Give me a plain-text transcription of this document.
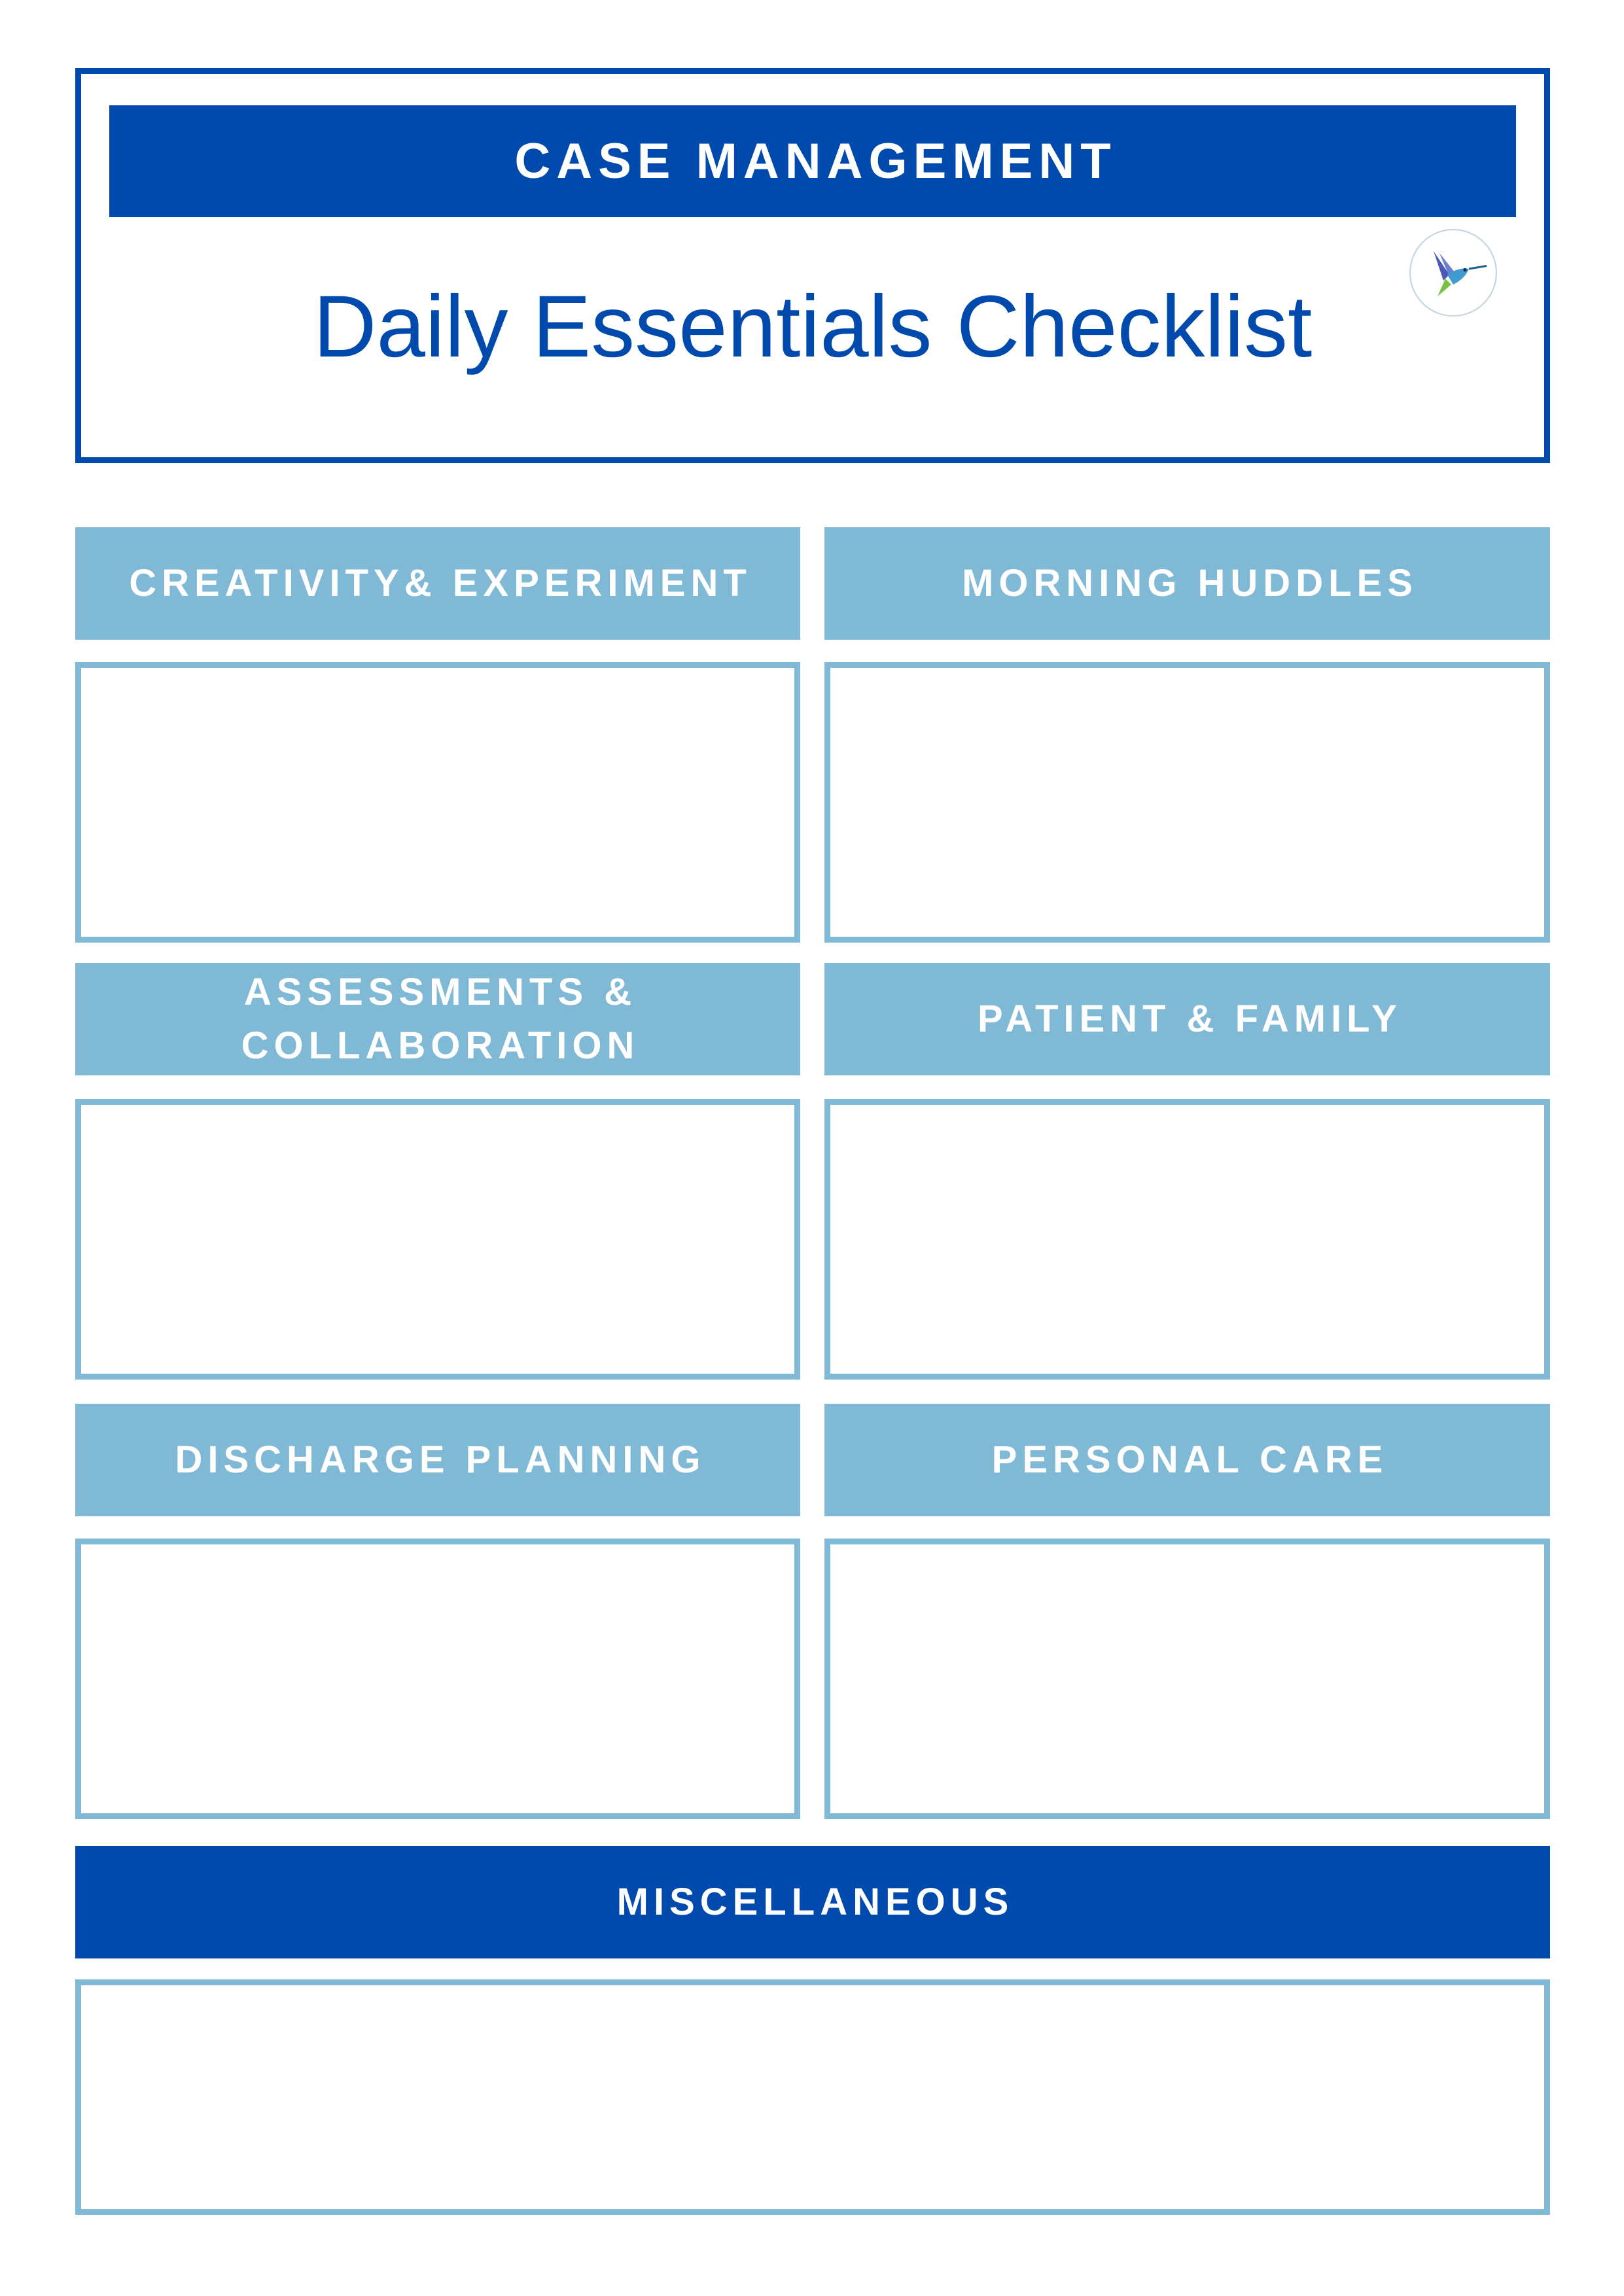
CASE MANAGEMENT
Daily Essentials Checklist
CREATIVITY& EXPERIMENT	MORNING HUDDLES
ASSESSMENTS & COLLABORATION
PATIENT & FAMILY
DISCHARGE PLANNING	PERSONAL CARE
MISCELLANEOUS
